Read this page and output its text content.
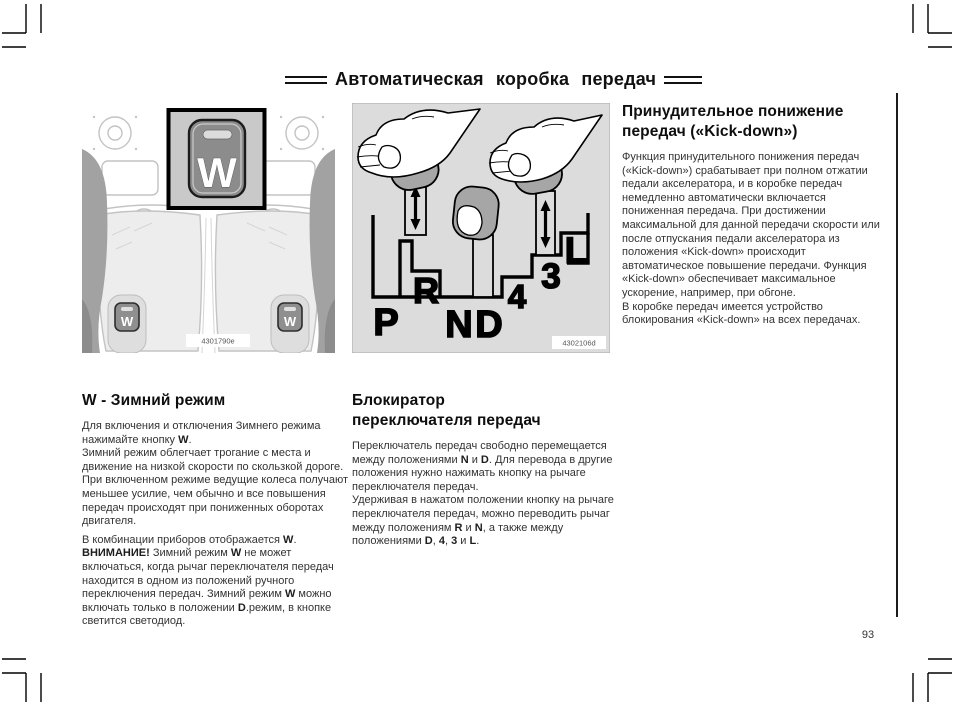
Автоматическая коробка передач
W	W
W
4301790e	P
R
N D
4
3
L
4302106d
Принудительное понижение
передач («Kick-down»)

Функция принудительного понижения передач («Kick-down») срабатывает при полном отжатии педали акселератора, и в коробке передач немедленно автоматически включается пониженная передача. При достижении максимальной для данной передачи скорости или после отпускания педали акселератора из положения «Kick-down» происходит автоматическое повышение передачи. Функция «Kick-down» обеспечивает максимальное ускорение, например, при обгоне.

В коробке передач имеется устройство блокирования «Kick-down» на всех передачах.

W - Зимний режим

Для включения и отключения Зимнего режима нажимайте кнопку W.

Зимний режим облегчает трогание с места и движение на низкой скорости по скользкой дороге. При включенном режиме ведущие колеса получают меньшее усилие, чем обычно и все повышения передач происходят при пониженных оборотах двигателя.

В комбинации приборов отображается W.

ВНИМАНИЕ! Зимний режим W не может включаться, когда рычаг переключателя передач находится в одном из положений ручного переключения передач. Зимний режим W можно включать только в положении D.режим, в кнопке светится светодиод.

Блокиратор
переключателя передач

Переключатель передач свободно перемещается между положениями N и D. Для перевода в другие положения нужно нажимать кнопку на рычаге переключателя передач.

Удерживая в нажатом положении кнопку на рычаге переключателя передач, можно переводить рычаг между положениям R и N, а также между положениями D, 4, 3 и L.

93
